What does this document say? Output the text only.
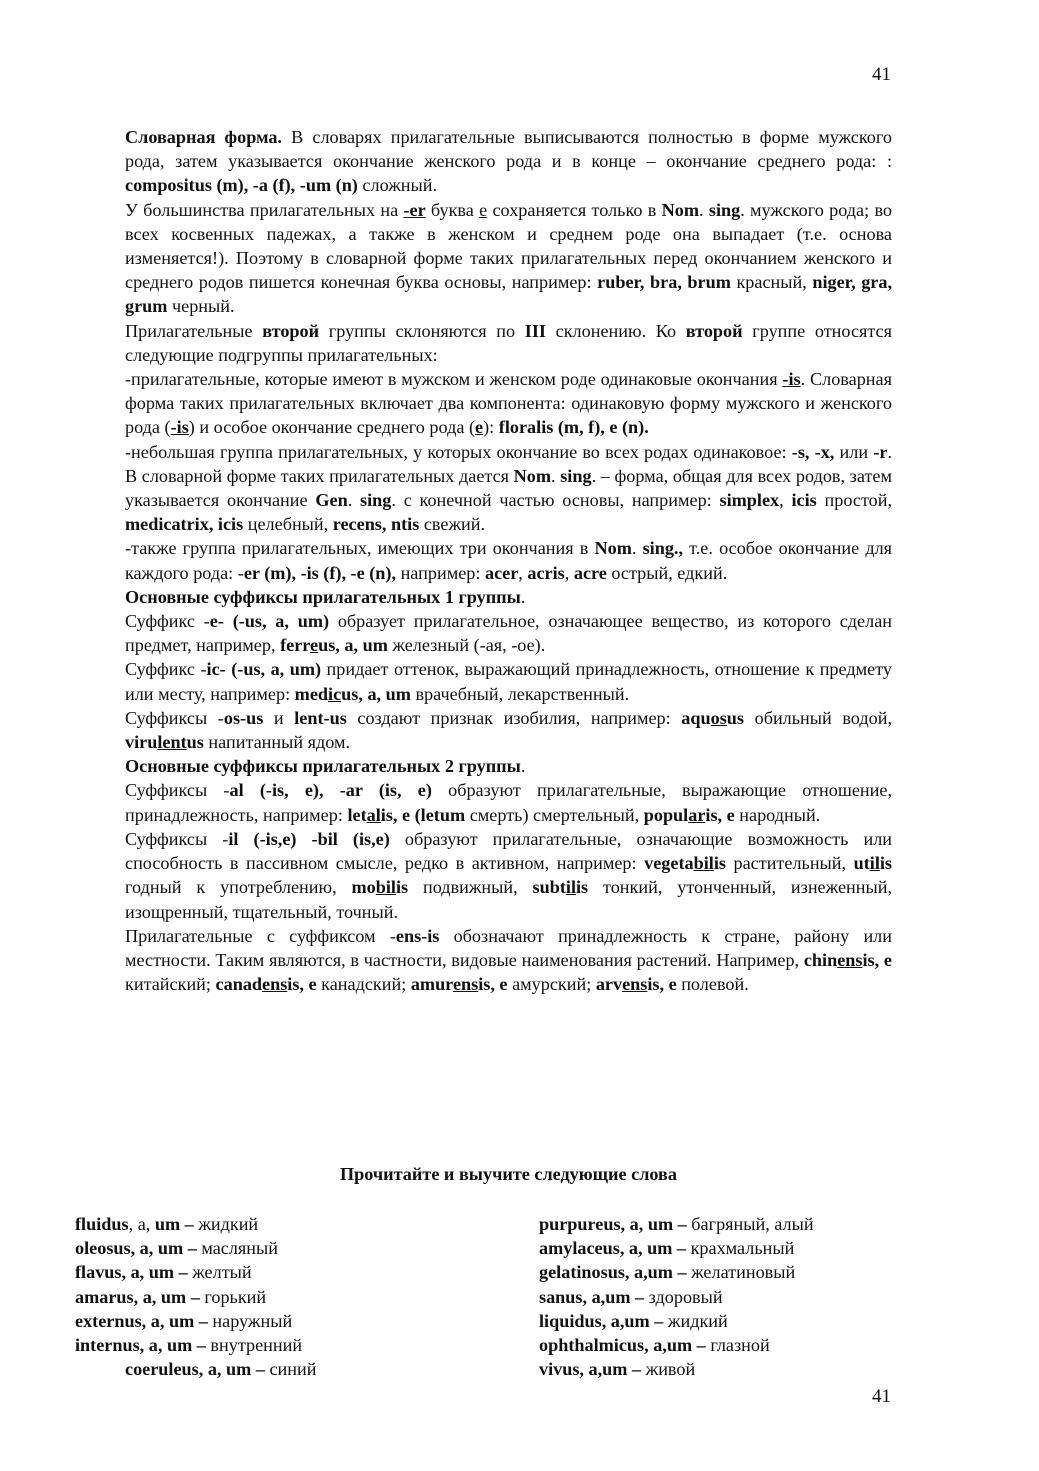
41

Словарная форма. В словарях прилагательные выписываются полностью в форме мужского рода, затем указывается окончание женского рода и в конце – окончание среднего рода: : compositus (m), -a (f), -um (n) сложный.

У большинства прилагательных на -er буква e сохраняется только в Nom. sing. мужского рода; во всех косвенных падежах, а также в женском и среднем роде она выпадает (т.е. основа изменяется!). Поэтому в словарной форме таких прилагательных перед окончанием женского и среднего родов пишется конечная буква основы, например: ruber, bra, brum красный, niger, gra, grum черный.

Прилагательные второй группы склоняются по III склонению. Ко второй группе относятся следующие подгруппы прилагательных:

-прилагательные, которые имеют в мужском и женском роде одинаковые окончания -is. Словарная форма таких прилагательных включает два компонента: одинаковую форму мужского и женского рода (-is) и особое окончание среднего рода (e): floralis (m, f), e (n).

-небольшая группа прилагательных, у которых окончание во всех родах одинаковое: -s, -x, или -r. В словарной форме таких прилагательных дается Nom. sing. – форма, общая для всех родов, затем указывается окончание Gen. sing. с конечной частью основы, например: simplex, icis простой, medicatrix, icis целебный, recens, ntis свежий.

-также группа прилагательных, имеющих три окончания в Nom. sing., т.е. особое окончание для каждого рода: -er (m), -is (f), -e (n), например: acer, acris, acre острый, едкий.

Основные суффиксы прилагательных 1 группы.

Суффикс -e- (-us, a, um) образует прилагательное, означающее вещество, из которого сделан предмет, например, ferreus, a, um железный (-ая, -ое).

Суффикс -ic- (-us, a, um) придает оттенок, выражающий принадлежность, отношение к предмету или месту, например: medicus, a, um врачебный, лекарственный.

Суффиксы -os-us и lent-us создают признак изобилия, например: aquosus обильный водой, virulentus напитанный ядом.

Основные суффиксы прилагательных 2 группы.

Суффиксы -al (-is, e), -ar (is, e) образуют прилагательные, выражающие отношение, принадлежность, например: letalis, e (letum смерть) смертельный, popularis, e народный.

Суффиксы -il (-is,e) -bil (is,e) образуют прилагательные, означающие возможность или способность в пассивном смысле, редко в активном, например: vegetabilis растительный, utilis годный к употреблению, mobilis подвижный, subtilis тонкий, утонченный, изнеженный, изощренный, тщательный, точный.

Прилагательные с суффиксом -ens-is обозначают принадлежность к стране, району или местности. Таким являются, в частности, видовые наименования растений. Например, chinensis, e китайский; canadensis, e канадский; amurensis, e амурский; arvensis, e полевой.

Прочитайте и выучите следующие слова
fluidus, a, um – жидкий
oleosus, a, um – масляный
flavus, a, um – желтый
amarus, a, um – горький
externus, a, um – наружный
internus, a, um – внутренний
coeruleus, a, um – синий
purpureus, a, um – багряный, алый
amylaceus, a, um – крахмальный
gelatinosus, a,um – желатиновый
sanus, a,um – здоровый
liquidus, a,um – жидкий
ophthalmicus, a,um – глазной
vivus, a,um – живой
41
